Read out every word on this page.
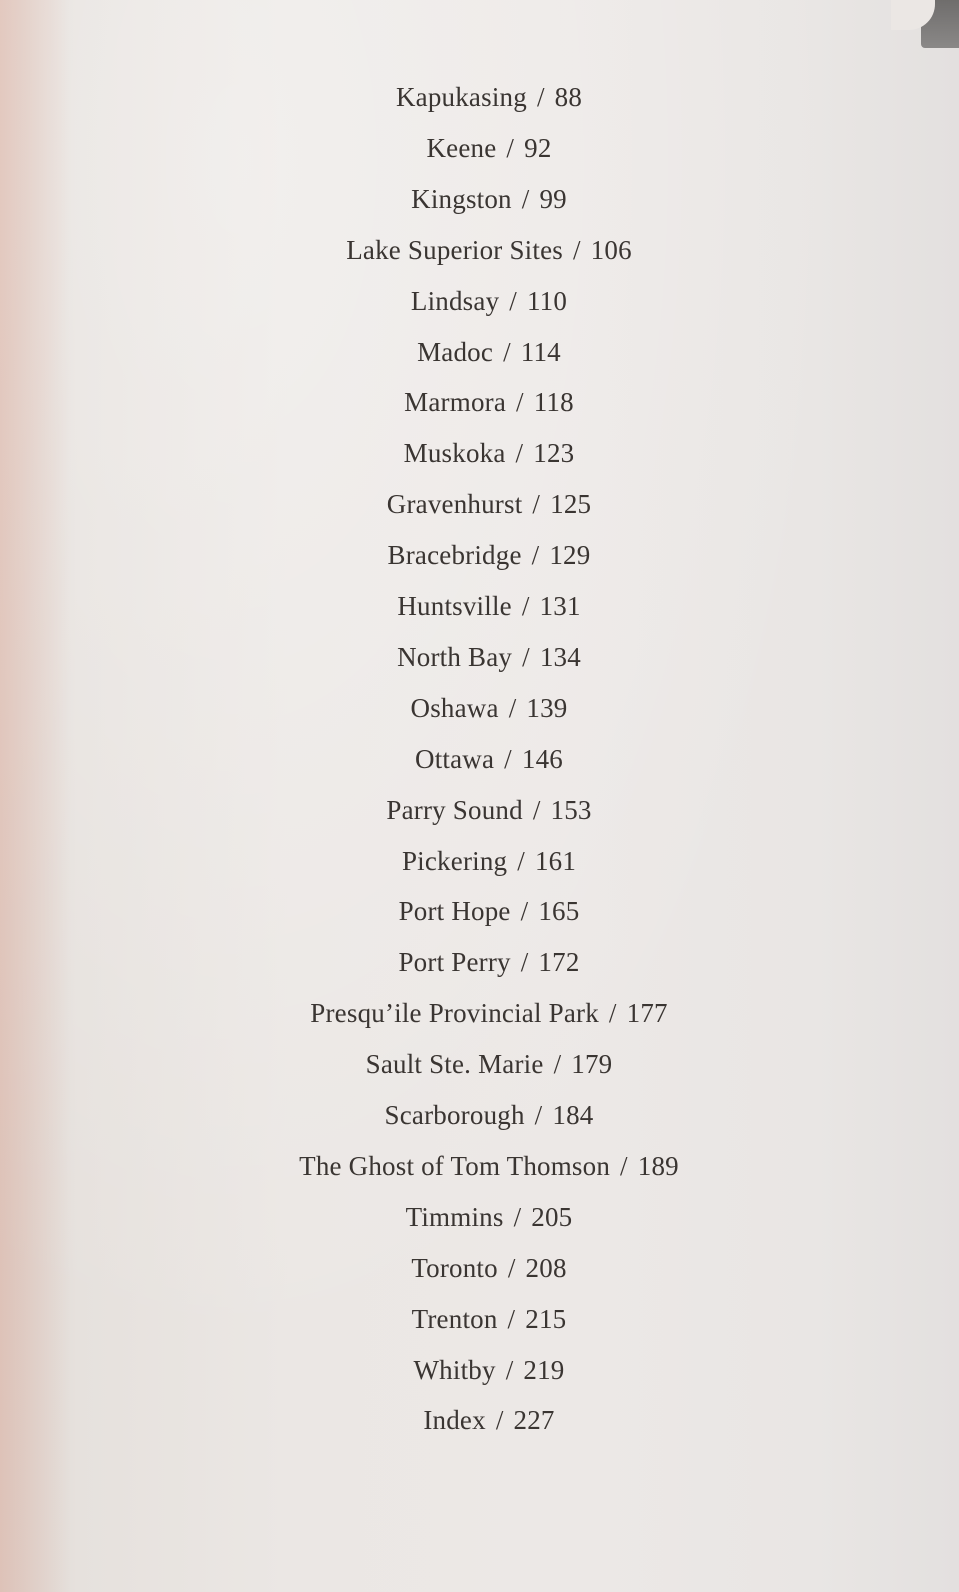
Kapukasing / 88
Keene / 92
Kingston / 99
Lake Superior Sites / 106
Lindsay / 110
Madoc / 114
Marmora / 118
Muskoka / 123
Gravenhurst / 125
Bracebridge / 129
Huntsville / 131
North Bay / 134
Oshawa / 139
Ottawa / 146
Parry Sound / 153
Pickering / 161
Port Hope / 165
Port Perry / 172
Presqu’ile Provincial Park / 177
Sault Ste. Marie / 179
Scarborough / 184
The Ghost of Tom Thomson / 189
Timmins / 205
Toronto / 208
Trenton / 215
Whitby / 219
Index / 227
